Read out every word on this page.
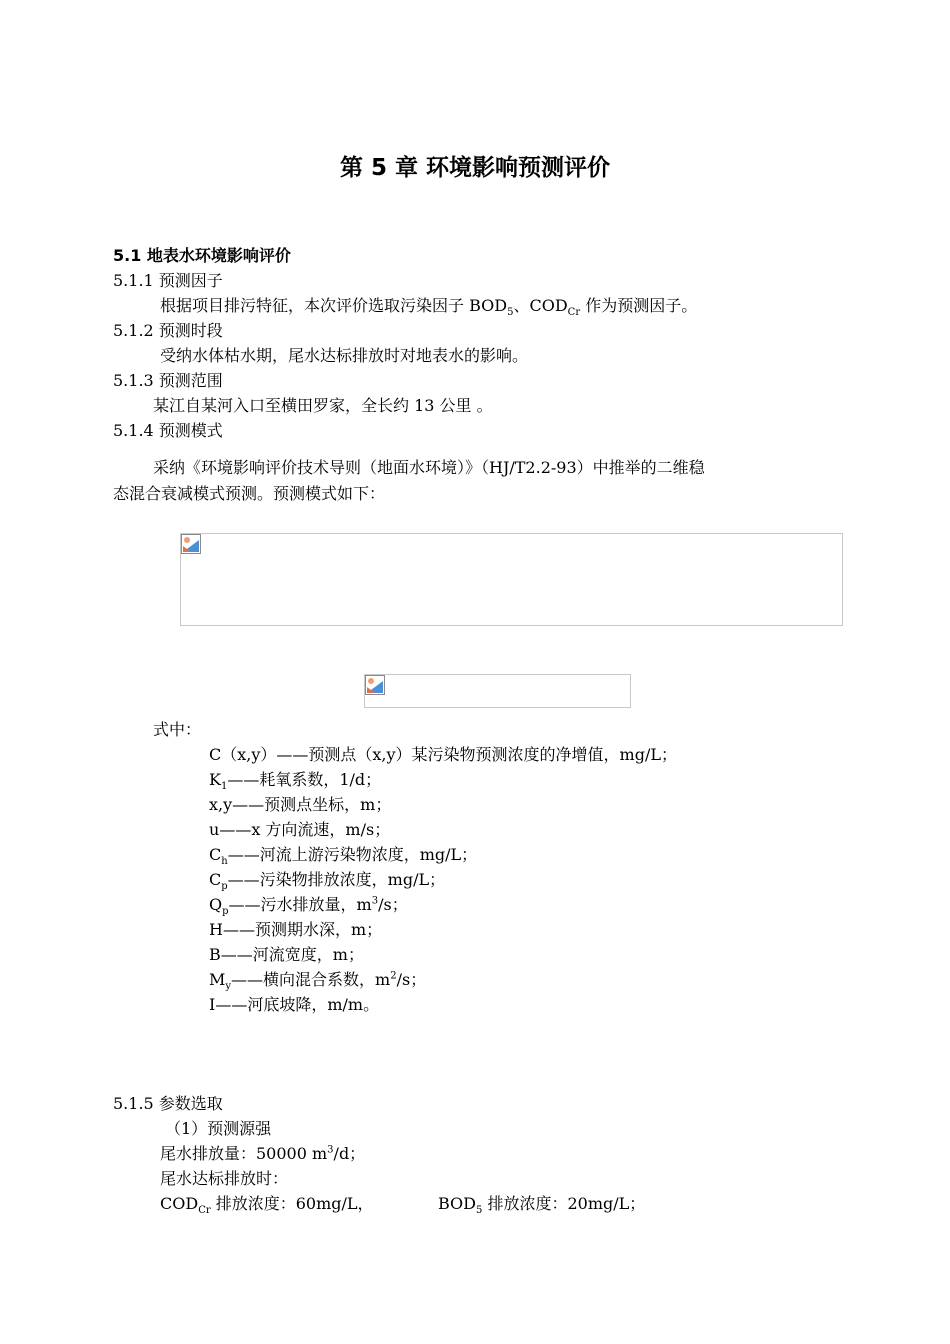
第 5 章 环境影响预测评价
5.1 地表水环境影响评价
5.1.1 预测因子
根据项目排污特征，本次评价选取污染因子 $BOD_5$、$COD_{Cr}$ 作为预测因子。
5.1.2 预测时段
受纳水体枯水期，尾水达标排放时对地表水的影响。
5.1.3 预测范围
某江自某河入口至横田罗家，全长约 13 公里 。
5.1.4 预测模式
采纳《环境影响评价技术导则（地面水环境）》（HJ/T2.2-93）中推举的二维稳
态混合衰减模式预测。预测模式如下：
式中：
C（x,y）——预测点（x,y）某污染物预测浓度的净增值，mg/L；
$K_1——$耗氧系数，1/d；
x,y——预测点坐标，m；
u——x 方向流速，m/s；
$C_h——$河流上游污染物浓度，mg/L；
$C_p——$污染物排放浓度，mg/L；
$Q_p——$污水排放量，$m^3/s$；
H——预测期水深，m；
B——河流宽度，m；
$M_y——$横向混合系数，$m^2/s$；
I——河底坡降，m/m。
5.1.5 参数选取
（1）预测源强
尾水排放量：50000 $m^3/d$；
尾水达标排放时：
$COD_{Cr}$ 排放浓度：60mg/L，	$BOD_5$ 排放浓度：20mg/L；
